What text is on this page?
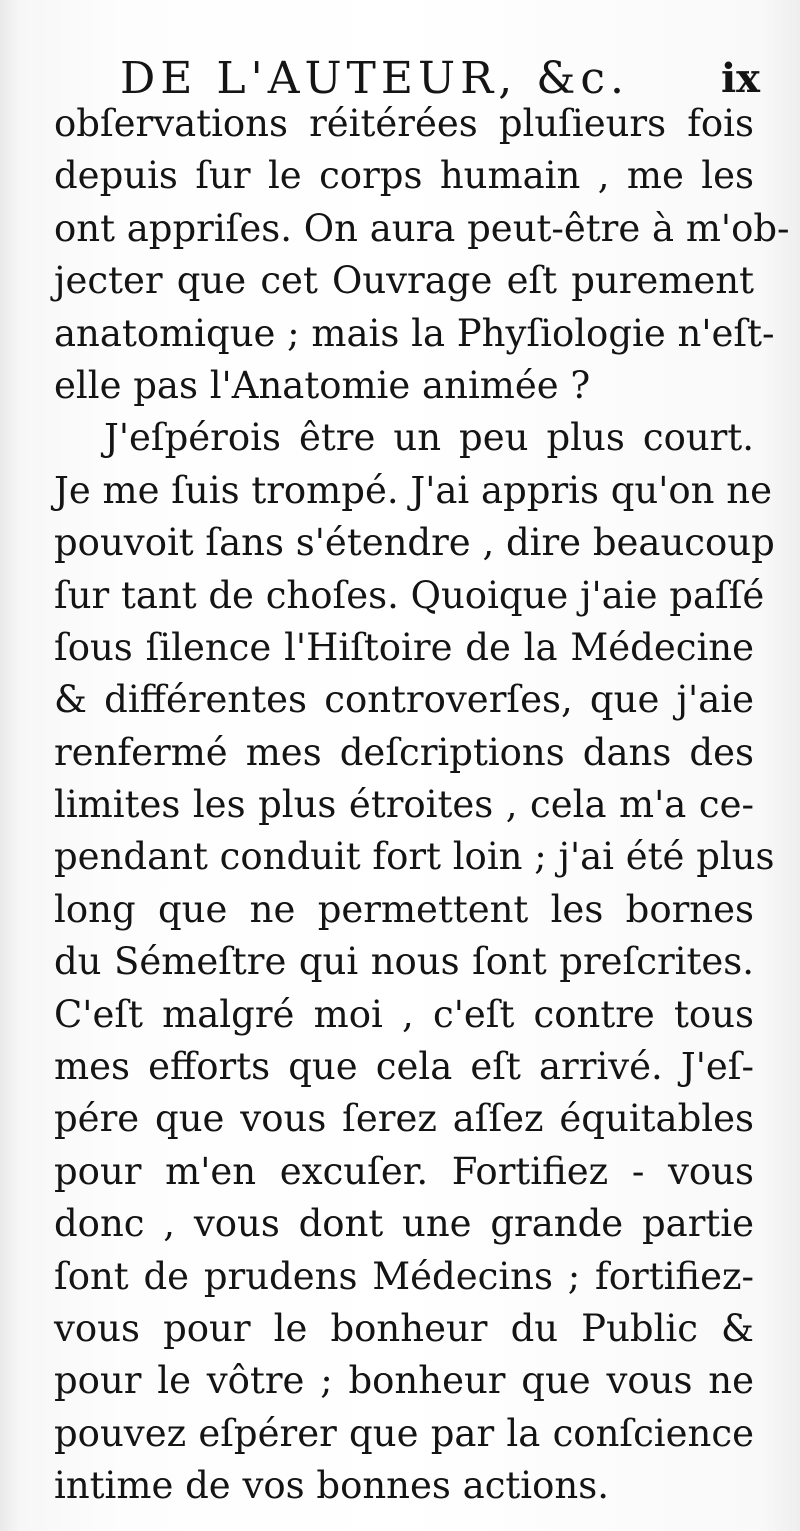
DE L'AUTEUR, &c. ix
obſervations réitérées pluſieurs fois
depuis ſur le corps humain , me les
ont appriſes. On aura peut-être à m'ob-
jecter que cet Ouvrage eſt purement
anatomique ; mais la Phyſiologie n'eſt-
elle pas l'Anatomie animée ?
J'eſpérois être un peu plus court.
Je me ſuis trompé. J'ai appris qu'on ne
pouvoit ſans s'étendre , dire beaucoup
ſur tant de choſes. Quoique j'aie paſſé
ſous ſilence l'Hiſtoire de la Médecine
& différentes controverſes, que j'aie
renfermé mes deſcriptions dans des
limites les plus étroites , cela m'a ce-
pendant conduit fort loin ; j'ai été plus
long que ne permettent les bornes
du Sémeſtre qui nous ſont preſcrites.
C'eſt malgré moi , c'eſt contre tous
mes efforts que cela eſt arrivé. J'eſ-
pére que vous ſerez aſſez équitables
pour m'en excuſer. Fortifiez - vous
donc , vous dont une grande partie
ſont de prudens Médecins ; fortifiez-
vous pour le bonheur du Public &
pour le vôtre ; bonheur que vous ne
pouvez eſpérer que par la conſcience
intime de vos bonnes actions.
